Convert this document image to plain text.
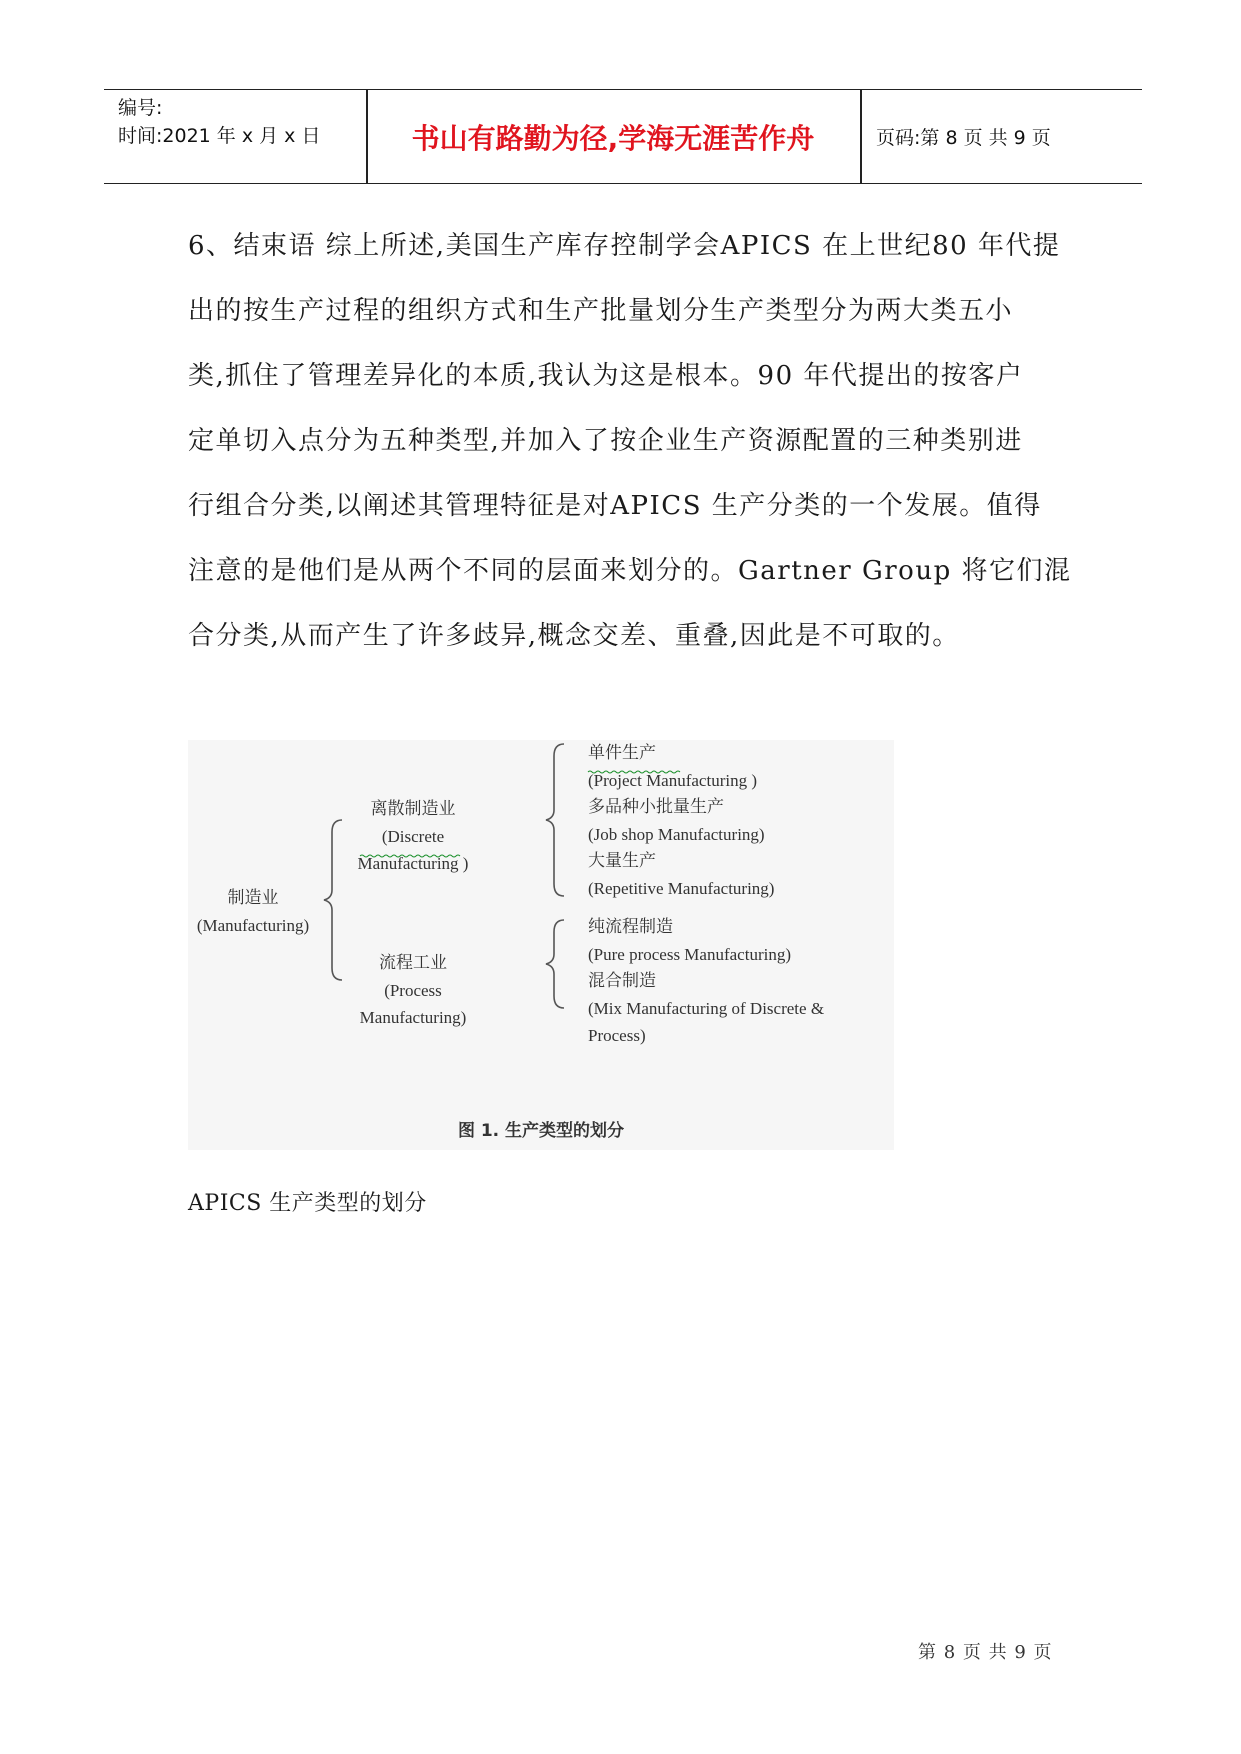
编号:
时间:2021 年 x 月 x 日	书山有路勤为径,学海无涯苦作舟	页码:第 8 页 共 9 页
6、结束语 综上所述,美国生产库存控制学会APICS 在上世纪80 年代提
出的按生产过程的组织方式和生产批量划分生产类型分为两大类五小
类,抓住了管理差异化的本质,我认为这是根本。90 年代提出的按客户
定单切入点分为五种类型,并加入了按企业生产资源配置的三种类别进
行组合分类,以阐述其管理特征是对APICS 生产分类的一个发展。值得
注意的是他们是从两个不同的层面来划分的。Gartner Group 将它们混
合分类,从而产生了许多歧异,概念交差、重叠,因此是不可取的。
制造业
(Manufacturing)
离散制造业
(Discrete
Manufacturing )
流程工业
(Process
Manufacturing)
单件生产
(Project Manufacturing )
多品种小批量生产
(Job shop Manufacturing)
大量生产
(Repetitive Manufacturing)
纯流程制造
(Pure process Manufacturing)
混合制造
(Mix Manufacturing of Discrete &
Process)
图 1. 生产类型的划分
APICS 生产类型的划分
第 8 页 共 9 页
